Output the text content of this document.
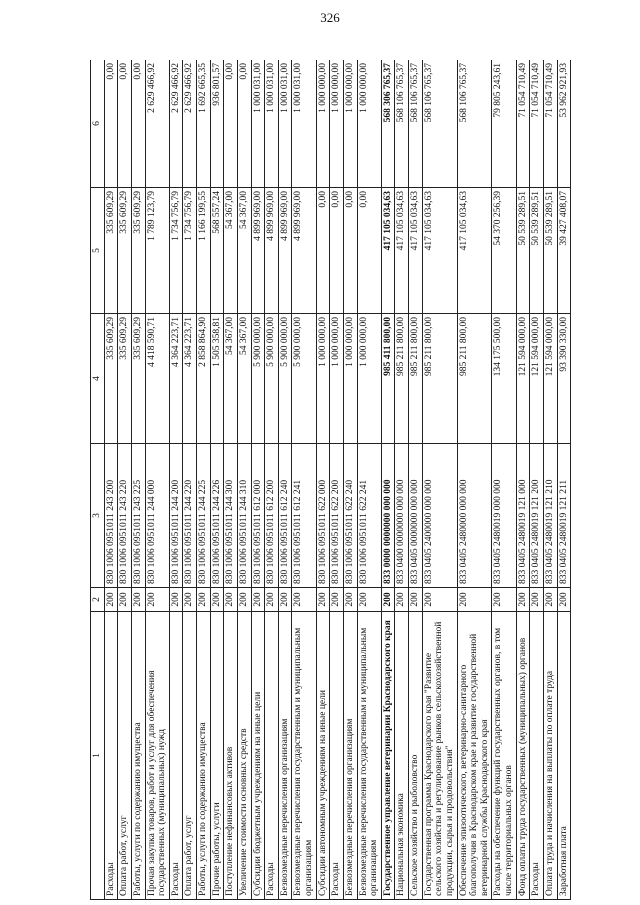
326
1	2	3	4	5	6
Расходы	200	830 1006 0951011 243 200	335 609,29	335 609,29	0,00
Оплата работ, услуг	200	830 1006 0951011 243 220	335 609,29	335 609,29	0,00
Работы, услуги по содержанию имущества	200	830 1006 0951011 243 225	335 609,29	335 609,29	0,00
Прочая закупка товаров, работ и услуг для обеспечения государственных (муниципальных) нужд	200	830 1006 0951011 244 000	4 418 590,71	1 789 123,79	2 629 466,92
Расходы	200	830 1006 0951011 244 200	4 364 223,71	1 734 756,79	2 629 466,92
Оплата работ, услуг	200	830 1006 0951011 244 220	4 364 223,71	1 734 756,79	2 629 466,92
Работы, услуги по содержанию имущества	200	830 1006 0951011 244 225	2 858 864,90	1 166 199,55	1 692 665,35
Прочие работы, услуги	200	830 1006 0951011 244 226	1 505 358,81	568 557,24	936 801,57
Поступление нефинансовых активов	200	830 1006 0951011 244 300	54 367,00	54 367,00	0,00
Увеличение стоимости основных средств	200	830 1006 0951011 244 310	54 367,00	54 367,00	0,00
Субсидии бюджетным учреждениям на иные цели	200	830 1006 0951011 612 000	5 900 000,00	4 899 969,00	1 000 031,00
Расходы	200	830 1006 0951011 612 200	5 900 000,00	4 899 969,00	1 000 031,00
Безвозмездные перечисления организациям	200	830 1006 0951011 612 240	5 900 000,00	4 899 969,00	1 000 031,00
Безвозмездные перечисления государственным и муниципальным организациям	200	830 1006 0951011 612 241	5 900 000,00	4 899 969,00	1 000 031,00
Субсидии автономным учреждениям на иные цели	200	830 1006 0951011 622 000	1 000 000,00	0,00	1 000 000,00
Расходы	200	830 1006 0951011 622 200	1 000 000,00	0,00	1 000 000,00
Безвозмездные перечисления организациям	200	830 1006 0951011 622 240	1 000 000,00	0,00	1 000 000,00
Безвозмездные перечисления государственным и муниципальным организациям	200	830 1006 0951011 622 241	1 000 000,00	0,00	1 000 000,00
Государственное управление ветеринарии Краснодарского края	200	833 0000 0000000 000 000	985 411 800,00	417 105 034,63	568 306 765,37
Национальная экономика	200	833 0400 0000000 000 000	985 211 800,00	417 105 034,63	568 106 765,37
Сельское хозяйство и рыболовство	200	833 0405 0000000 000 000	985 211 800,00	417 105 034,63	568 106 765,37
Государственная программа Краснодарского края "Развитие сельского хозяйства и регулирование рынков сельскохозяйственной продукции, сырья и продовольствия"	200	833 0405 2400000 000 000	985 211 800,00	417 105 034,63	568 106 765,37
Обеспечение эпизоотического, ветеринарно-санитарного благополучия в Краснодарском крае и развитие государственной ветеринарной службы Краснодарского края	200	833 0405 2480000 000 000	985 211 800,00	417 105 034,63	568 106 765,37
Расходы на обеспечение функций государственных органов, в том числе территориальных органов	200	833 0405 2480019 000 000	134 175 500,00	54 370 256,39	79 805 243,61
Фонд оплаты труда государственных (муниципальных) органов	200	833 0405 2480019 121 000	121 594 000,00	50 539 289,51	71 054 710,49
Расходы	200	833 0405 2480019 121 200	121 594 000,00	50 539 289,51	71 054 710,49
Оплата труда и начисления на выплаты по оплате труда	200	833 0405 2480019 121 210	121 594 000,00	50 539 289,51	71 054 710,49
Заработная плата	200	833 0405 2480019 121 211	93 390 330,00	39 427 408,07	53 962 921,93
